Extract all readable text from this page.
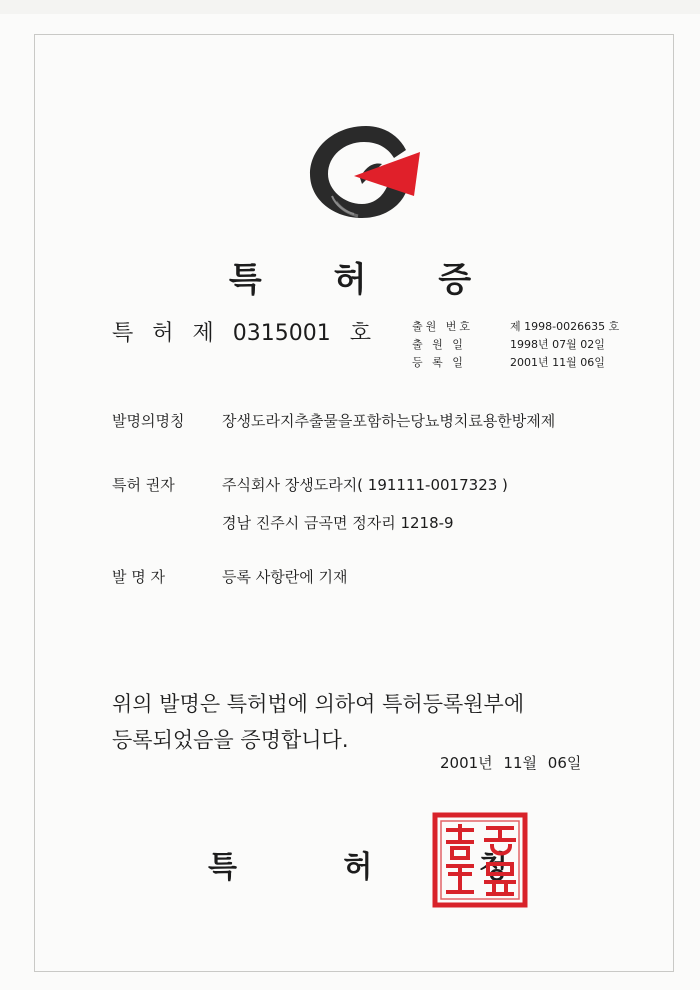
특 허 증
특 허 제 0315001 호	출원 번호	제 1998-0026635 호
출 원 일	1998년 07월 02일
등 록 일	2001년 11월 06일
발명의명칭	장생도라지추출물을포함하는당뇨병치료용한방제제
특허 권자	주식회사 장생도라지( 191111-0017323 )
경남 진주시 금곡면 정자리 1218-9
발 명 자	등록 사항란에 기재
위의 발명은 특허법에 의하여 특허등록원부에
등록되었음을 증명합니다.
2001년 11월 06일
특 허 청
